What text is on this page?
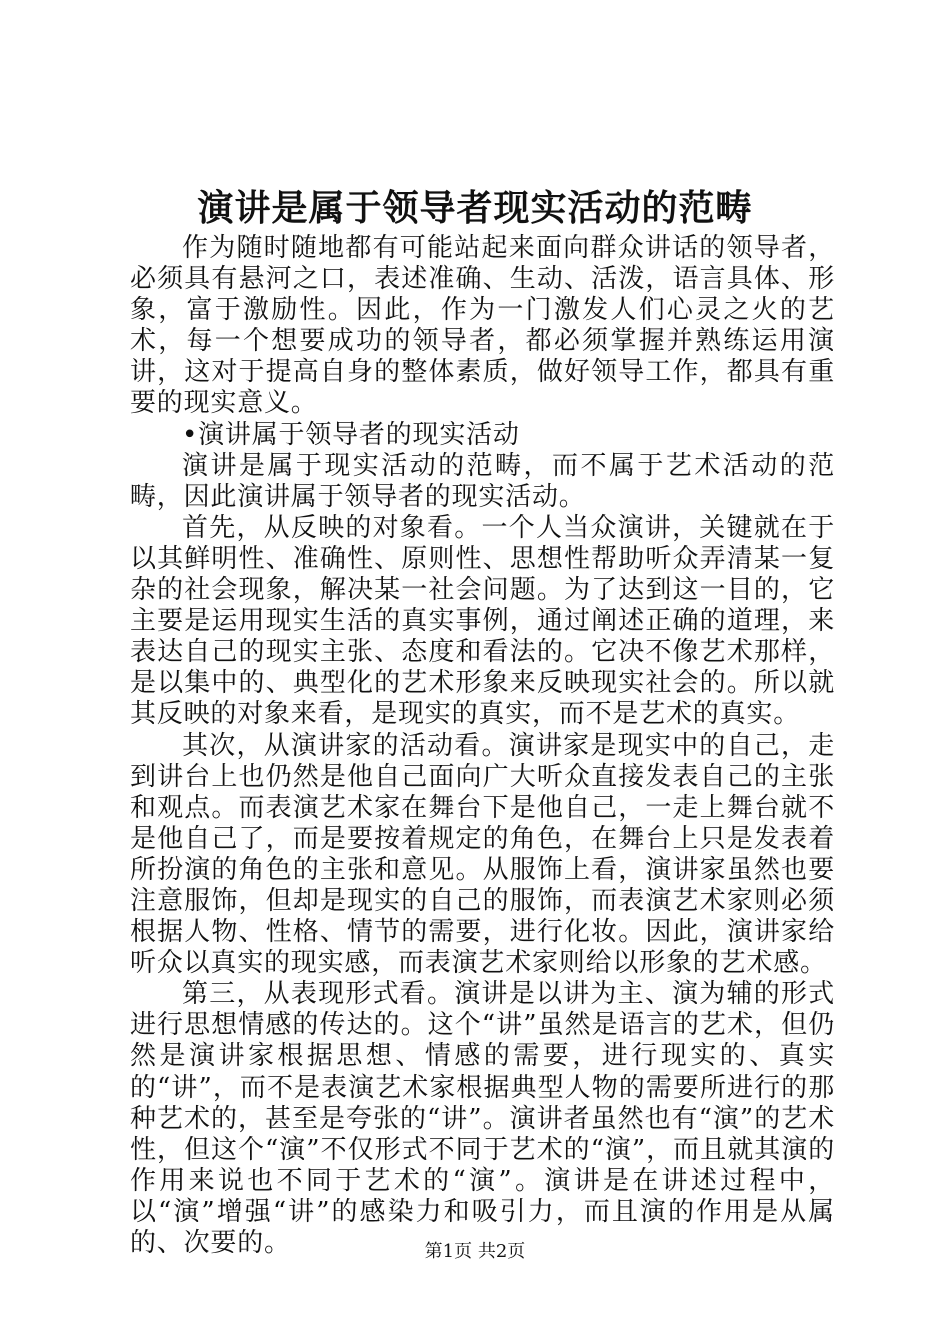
演讲是属于领导者现实活动的范畴

作为随时随地都有可能站起来面向群众讲话的领导者，必须具有悬河之口，表述准确、生动、活泼，语言具体、形象，富于激励性。因此，作为一门激发人们心灵之火的艺术，每一个想要成功的领导者，都必须掌握并熟练运用演讲，这对于提高自身的整体素质，做好领导工作，都具有重要的现实意义。

•演讲属于领导者的现实活动

演讲是属于现实活动的范畴，而不属于艺术活动的范畴，因此演讲属于领导者的现实活动。

首先，从反映的对象看。一个人当众演讲，关键就在于以其鲜明性、准确性、原则性、思想性帮助听众弄清某一复杂的社会现象，解决某一社会问题。为了达到这一目的，它主要是运用现实生活的真实事例，通过阐述正确的道理，来表达自己的现实主张、态度和看法的。它决不像艺术那样，是以集中的、典型化的艺术形象来反映现实社会的。所以就其反映的对象来看，是现实的真实，而不是艺术的真实。

其次，从演讲家的活动看。演讲家是现实中的自己，走到讲台上也仍然是他自己面向广大听众直接发表自己的主张和观点。而表演艺术家在舞台下是他自己，一走上舞台就不是他自己了，而是要按着规定的角色，在舞台上只是发表着所扮演的角色的主张和意见。从服饰上看，演讲家虽然也要注意服饰，但却是现实的自己的服饰，而表演艺术家则必须根据人物、性格、情节的需要，进行化妆。因此，演讲家给听众以真实的现实感，而表演艺术家则给以形象的艺术感。

第三，从表现形式看。演讲是以讲为主、演为辅的形式进行思想情感的传达的。这个“讲”虽然是语言的艺术，但仍然是演讲家根据思想、情感的需要，进行现实的、真实的“讲”，而不是表演艺术家根据典型人物的需要所进行的那种艺术的，甚至是夸张的“讲”。演讲者虽然也有“演”的艺术性，但这个“演”不仅形式不同于艺术的“演”，而且就其演的作用来说也不同于艺术的“演”。演讲是在讲述过程中，以“演”增强“讲”的感染力和吸引力，而且演的作用是从属的、次要的。	第1页 共2页
